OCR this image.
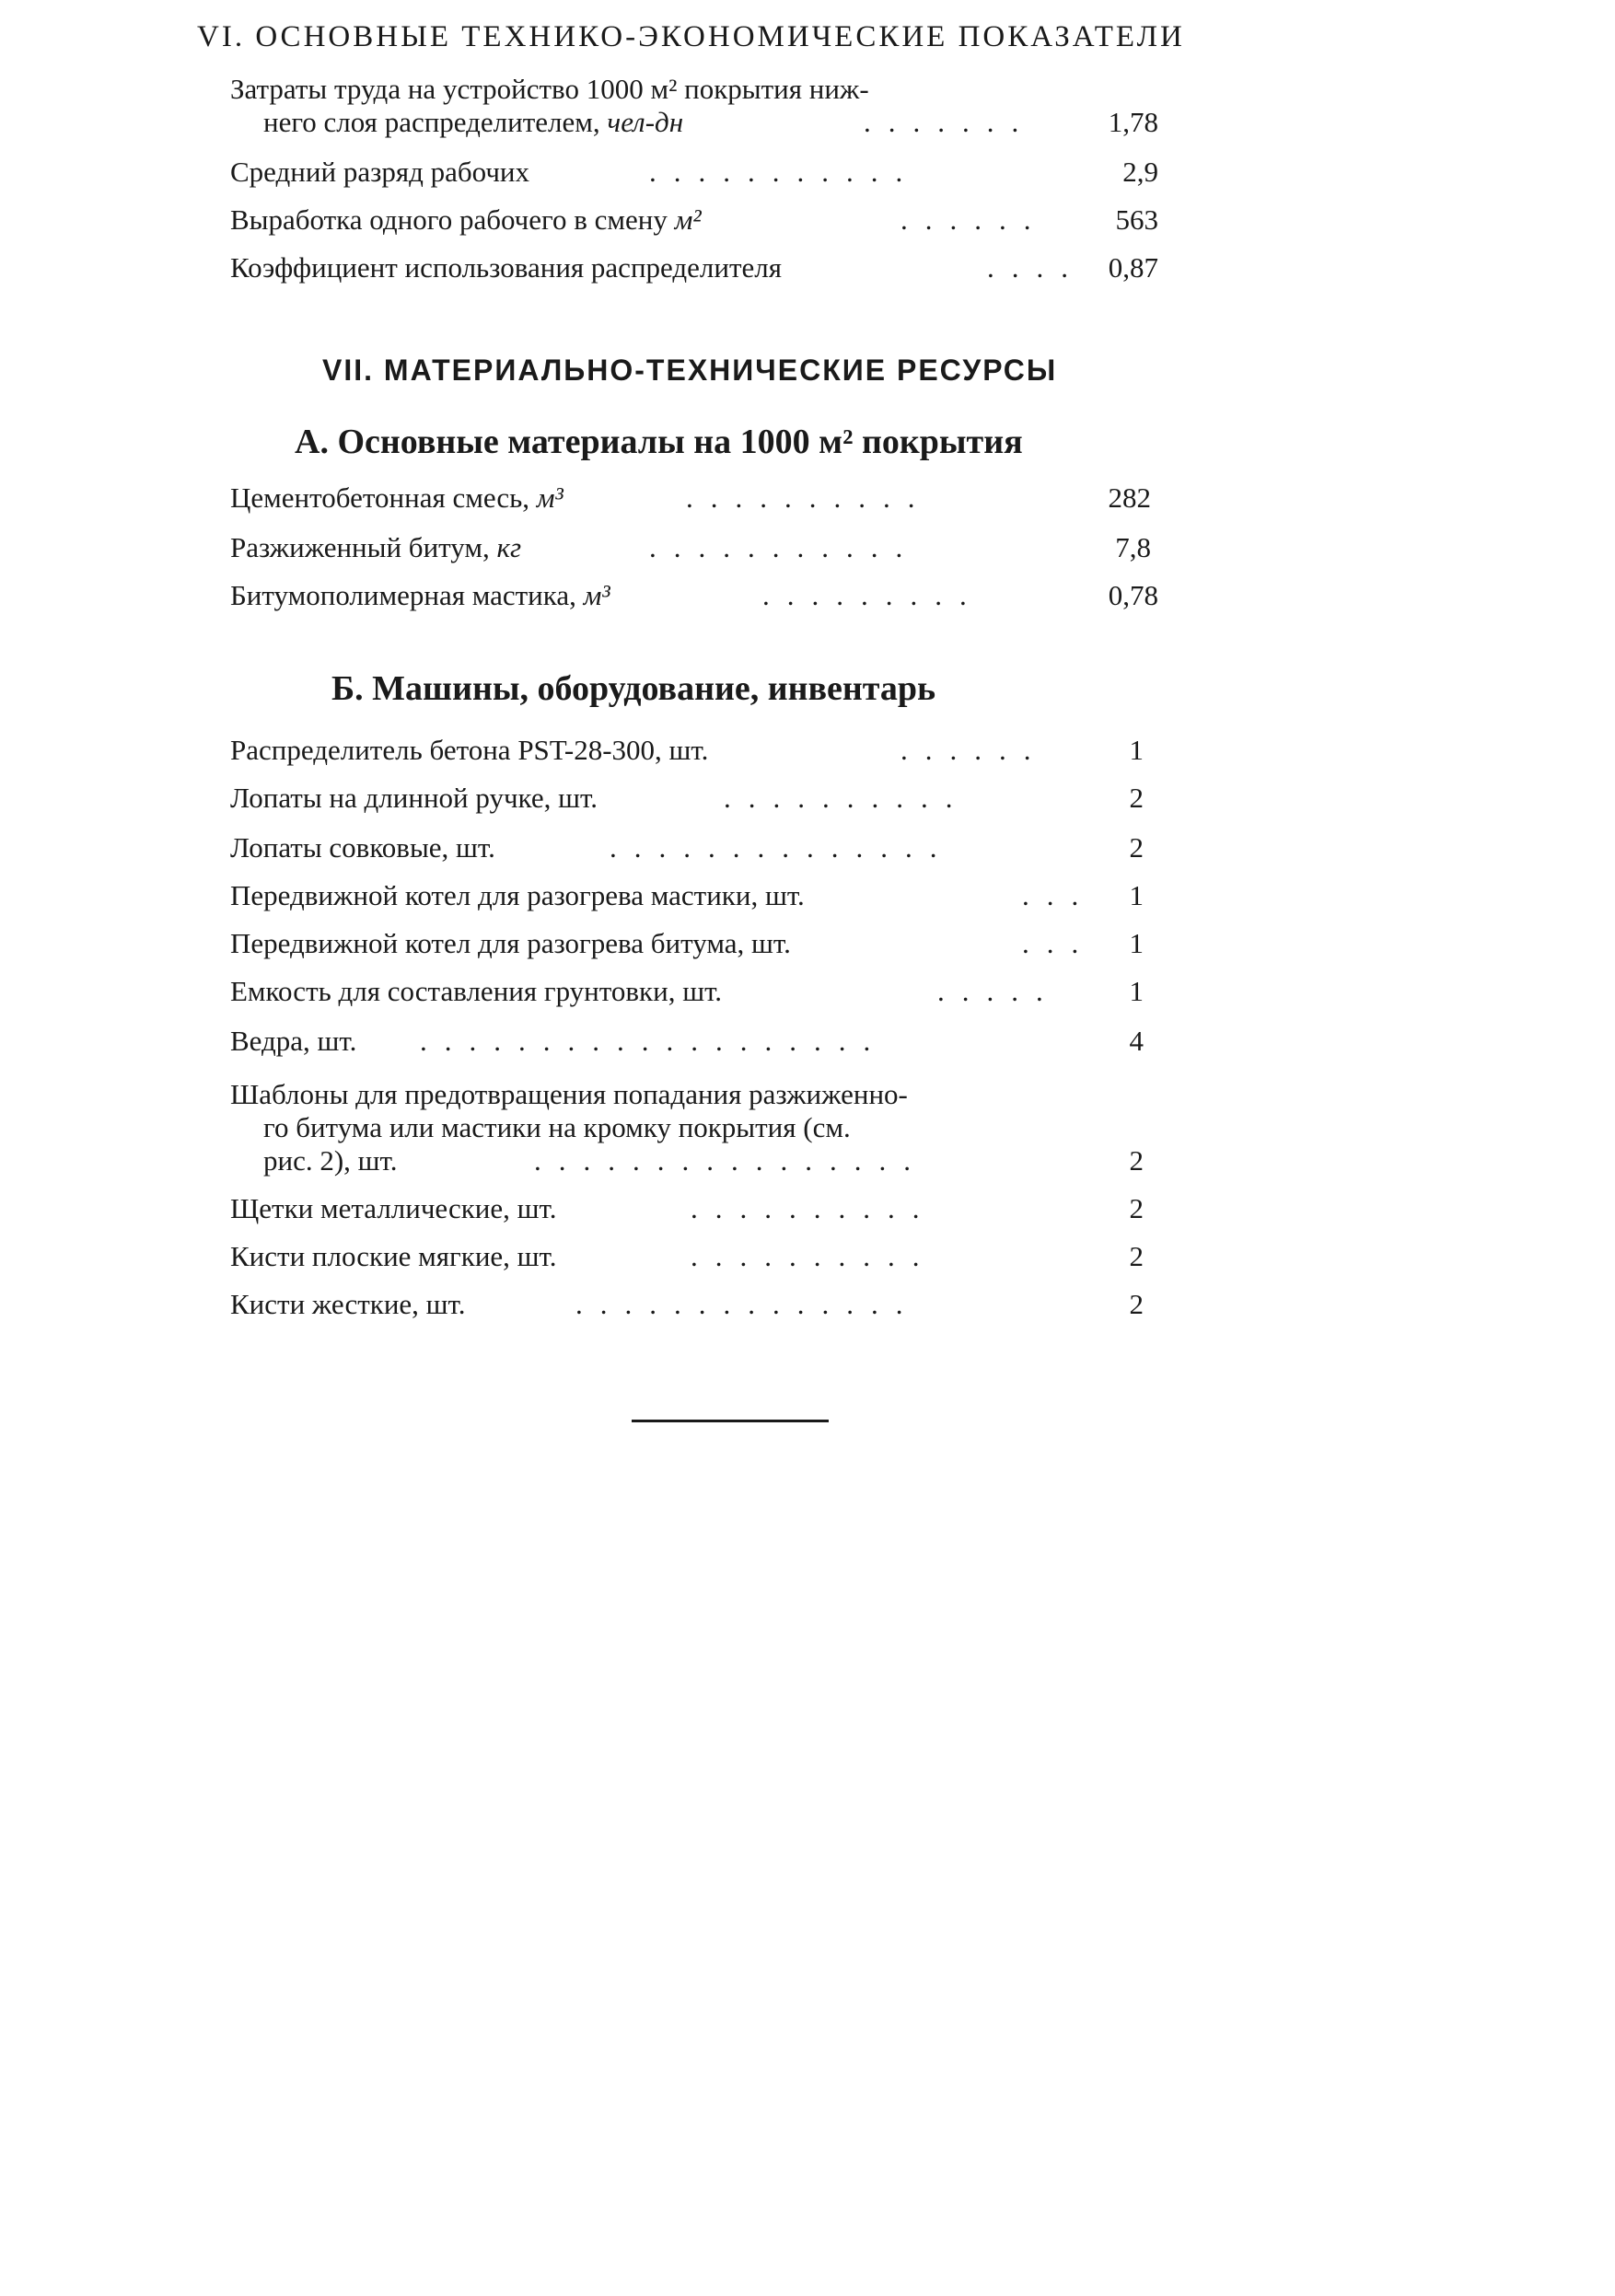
VI. ОСНОВНЫЕ ТЕХНИКО-ЭКОНОМИЧЕСКИЕ ПОКАЗАТЕЛИ
Затраты труда на устройство 1000 м² покрытия ниж-
него слоя распределителем, чел-дн	.......	1,78
Средний разряд рабочих	...........	2,9
Выработка одного рабочего в смену м²	...... 563
Коэффициент использования распределителя	.... 0,87
VII. МАТЕРИАЛЬНО-ТЕХНИЧЕСКИЕ РЕСУРСЫ
А. Основные материалы на 1000 м² покрытия
Цементобетонная смесь, м³	..........	282
Разжиженный битум, кг	...........	7,8
Битумополимерная мастика, м³	.........	0,78
Б. Машины, оборудование, инвентарь
Распределитель бетона PST-28-300, шт.	......	1
Лопаты на длинной ручке, шт.	..........	2
Лопаты совковые, шт.	..............	2
Передвижной котел для разогрева мастики, шт.	... 1
Передвижной котел для разогрева битума, шт.	... 1
Емкость для составления грунтовки, шт.	..... 1
Ведра, шт. ...................	4
Шаблоны для предотвращения попадания разжиженно-
го битума или мастики на кромку покрытия (см.
рис. 2), шт.	................	2
Щетки металлические, шт.	..........	2
Кисти плоские мягкие, шт.	..........	2
Кисти жесткие, шт.	..............	2
